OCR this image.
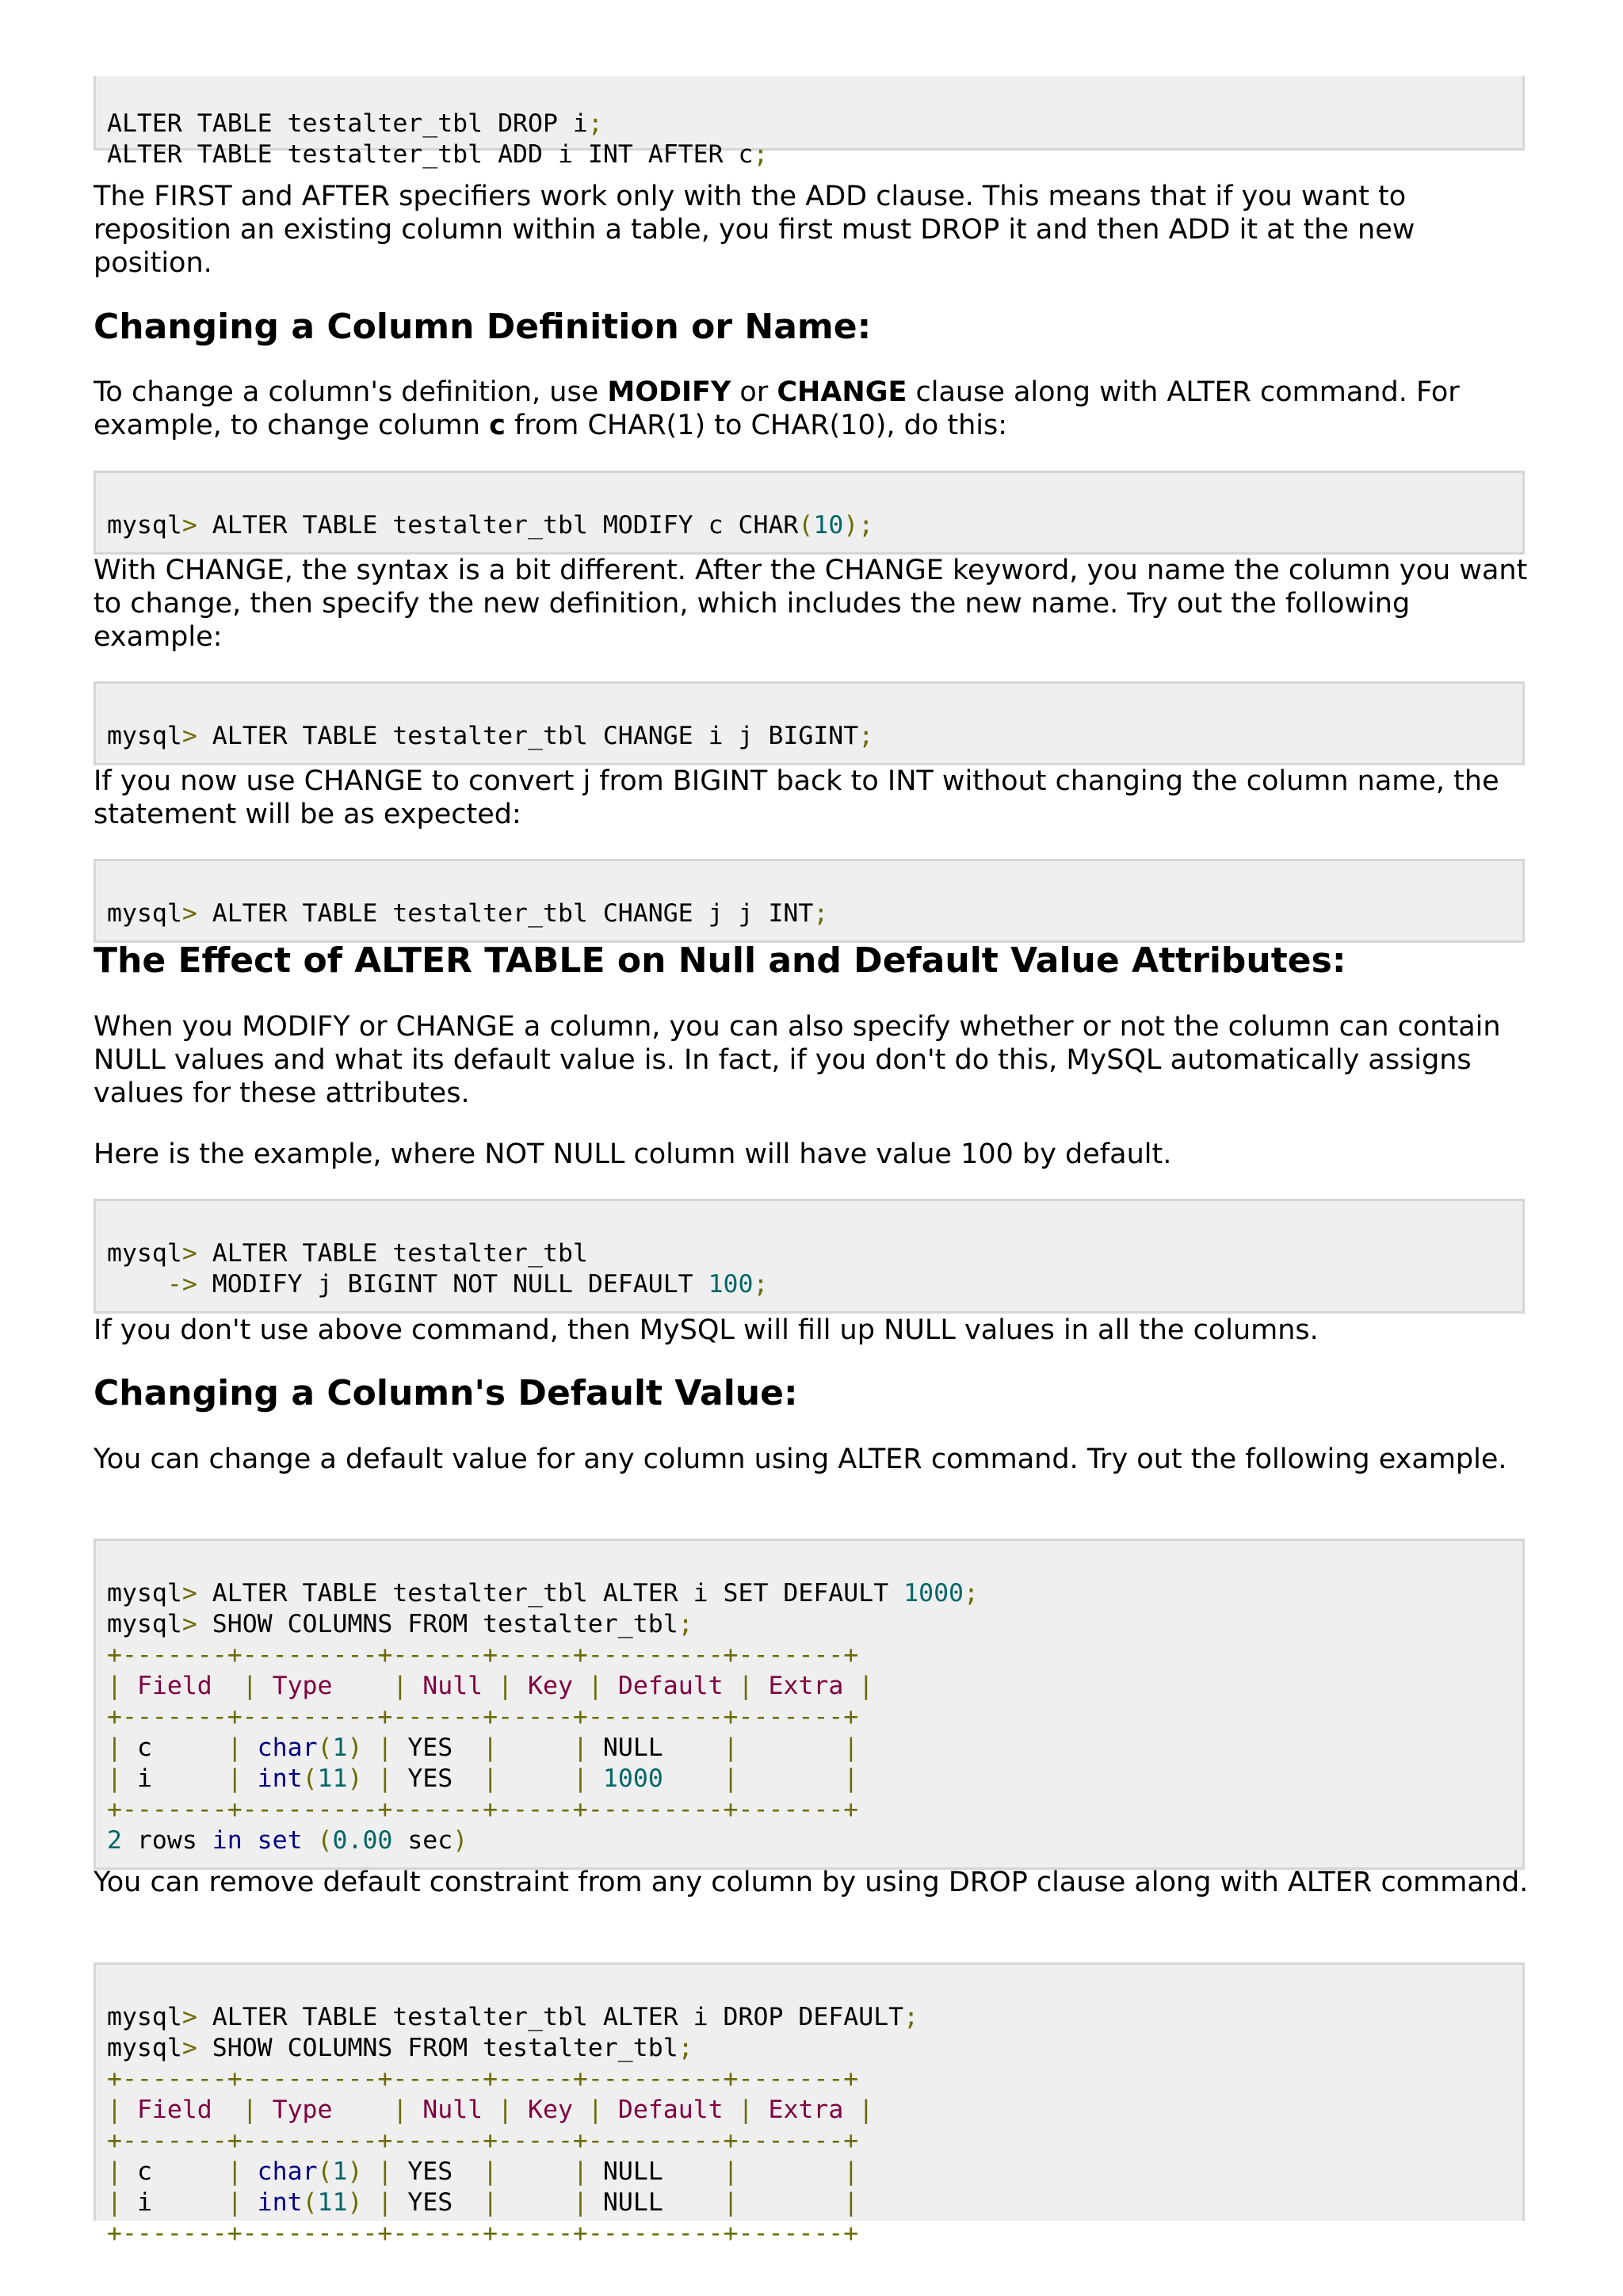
ALTER TABLE testalter_tbl DROP i;
ALTER TABLE testalter_tbl ADD i INT AFTER c;

The FIRST and AFTER specifiers work only with the ADD clause. This means that if you want to reposition an existing column within a table, you first must DROP it and then ADD it at the new position.

Changing a Column Definition or Name:

To change a column's definition, use MODIFY or CHANGE clause along with ALTER command. For example, to change column c from CHAR(1) to CHAR(10), do this:

mysql> ALTER TABLE testalter_tbl MODIFY c CHAR(10);

With CHANGE, the syntax is a bit different. After the CHANGE keyword, you name the column you want to change, then specify the new definition, which includes the new name. Try out the following example:

mysql> ALTER TABLE testalter_tbl CHANGE i j BIGINT;

If you now use CHANGE to convert j from BIGINT back to INT without changing the column name, the statement will be as expected:

mysql> ALTER TABLE testalter_tbl CHANGE j j INT;
The Effect of ALTER TABLE on Null and Default Value Attributes:

When you MODIFY or CHANGE a column, you can also specify whether or not the column can contain NULL values and what its default value is. In fact, if you don't do this, MySQL automatically assigns values for these attributes.

Here is the example, where NOT NULL column will have value 100 by default.

mysql> ALTER TABLE testalter_tbl
-> MODIFY j BIGINT NOT NULL DEFAULT 100;

If you don't use above command, then MySQL will fill up NULL values in all the columns.

Changing a Column's Default Value:

You can change a default value for any column using ALTER command. Try out the following example.

mysql> ALTER TABLE testalter_tbl ALTER i SET DEFAULT 1000;
mysql> SHOW COLUMNS FROM testalter_tbl;
+-------+---------+------+-----+---------+-------+
| Field  | Type    | Null | Key | Default | Extra |
+-------+---------+------+-----+---------+-------+
| c     | char(1) | YES  |     | NULL    |       |
| i     | int(11) | YES  |     | 1000    |       |
+-------+---------+------+-----+---------+-------+
2 rows in set (0.00 sec)

You can remove default constraint from any column by using DROP clause along with ALTER command.

mysql> ALTER TABLE testalter_tbl ALTER i DROP DEFAULT;
mysql> SHOW COLUMNS FROM testalter_tbl;
+-------+---------+------+-----+---------+-------+
| Field  | Type    | Null | Key | Default | Extra |
+-------+---------+------+-----+---------+-------+
| c     | char(1) | YES  |     | NULL    |       |
| i     | int(11) | YES  |     | NULL    |       |
+-------+---------+------+-----+---------+-------+
